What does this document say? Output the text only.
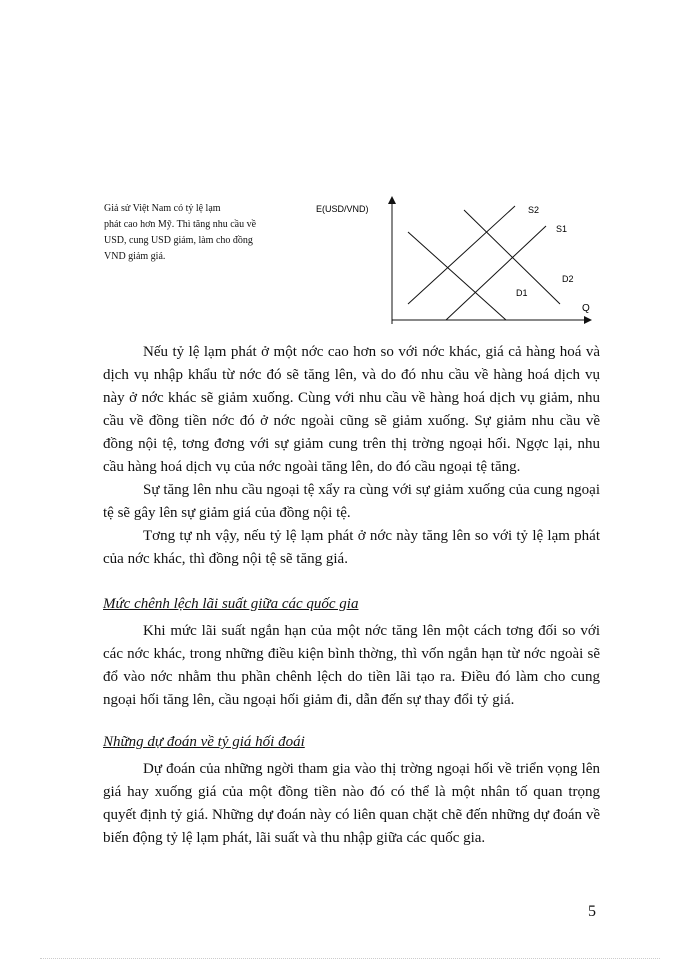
Giả sử Việt Nam có tỷ lệ lạm
phát cao hơn Mỹ. Thì tăng nhu cầu về
USD, cung USD giảm, làm cho đồng
VND giảm giá.
E(USD/VND)
Q
S2
S1
D2
D1

Nếu tỷ lệ lạm phát ở một nớc cao hơn so với nớc khác, giá cả hàng hoá và dịch vụ nhập khẩu từ nớc đó sẽ tăng lên, và do đó nhu cầu về hàng hoá dịch vụ này ở nớc khác sẽ giảm xuống. Cùng với nhu cầu về hàng hoá dịch vụ giảm, nhu cầu về đồng tiền nớc đó ở nớc ngoài cũng sẽ giảm xuống. Sự giảm nhu cầu về đồng nội tệ, tơng đơng với sự giảm cung trên thị trờng ngoại hối. Ngợc lại, nhu cầu hàng hoá dịch vụ của nớc ngoài tăng lên, do đó cầu ngoại tệ tăng.

Sự tăng lên nhu cầu ngoại tệ xẩy ra cùng với sự giảm xuống của cung ngoại tệ sẽ gây lên sự giảm giá của đồng nội tệ.

Tơng tự nh vậy, nếu tỷ lệ lạm phát ở nớc này tăng lên so với tỷ lệ lạm phát của nớc khác, thì đồng nội tệ sẽ tăng giá.

Mức chênh lệch lãi suất giữa các quốc gia

Khi mức lãi suất ngắn hạn của một nớc tăng lên một cách tơng đối so với các nớc khác, trong những điều kiện bình thờng, thì vốn ngắn hạn từ nớc ngoài sẽ đổ vào nớc nhằm thu phần chênh lệch do tiền lãi tạo ra. Điều đó làm cho cung ngoại hối tăng lên, cầu ngoại hối giảm đi, dẫn đến sự thay đổi tỷ giá.

Những dự đoán về tỷ giá hối đoái

Dự đoán của những ngời tham gia vào thị trờng ngoại hối về triển vọng lên giá hay xuống giá của một đồng tiền nào đó có thể là một nhân tố quan trọng quyết định tỷ giá. Những dự đoán này có liên quan chặt chẽ đến những dự đoán về biến động tỷ lệ lạm phát, lãi suất và thu nhập giữa các quốc gia.

5
